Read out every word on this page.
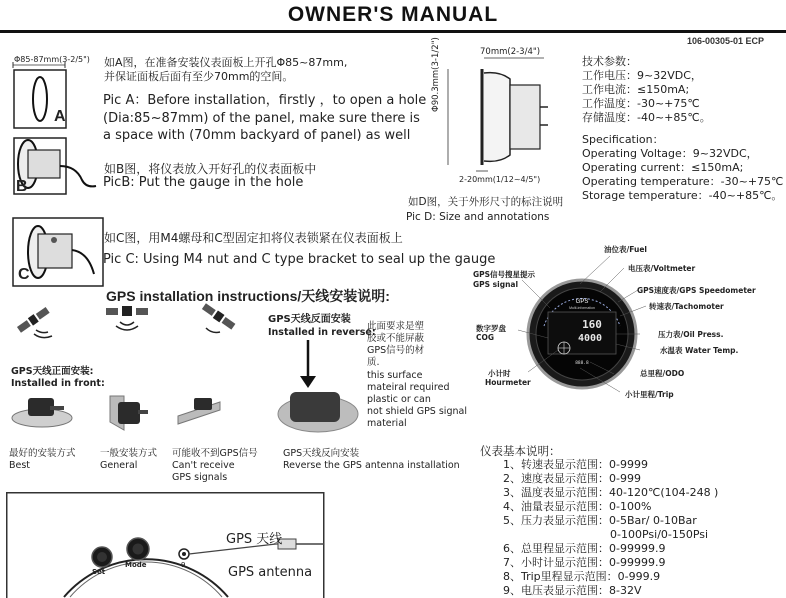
OWNER'S MANUAL
106-00305-01 ECP
Φ85-87mm(3-2/5")
A
如A图，在准备安装仪表面板上开孔Φ85~87mm,
并保证面板后面有至少70mm的空间。
Pic A：Before installation，firstly ，to open a hole
(Dia:85~87mm) of the panel, make sure there is
a space with (70mm backyard of panel) as well
B
如B图，将仪表放入开好孔的仪表面板中
PicB: Put the gauge in the hole
C
如C图，用M4螺母和C型固定扣将仪表锁紧在仪表面板上
Pic C: Using M4 nut and C type bracket to seal up the gauge
70mm(2-3/4")
Φ90.3mm(3-1/2")
2-20mm(1/12~4/5")
如D图，关于外形尺寸的标注说明
Pic D: Size and annotations
技术参数：
工作电压：9~32VDC，
工作电流：≤150mA;
工作温度：-30~+75℃
存储温度：-40~+85℃。
Specification：
Operating Voltage：9~32VDC，
Operating current：≤150mA;
Operating temperature：-30~+75℃
Storage temperature：-40~+85℃。
GPS installation instructions/天线安装说明:
GPS天线正面安装:
Installed in front:
GPS天线反面安装
Installed in reverse:
此面要求是塑
胶或不能屏蔽
GPS信号的材
质.
this surface
mateiral required
plastic or can
not shield GPS signal
material
最好的安装方式
Best
一般安装方式
General
可能收不到GPS信号
Can't receive
GPS signals
GPS天线反向安装
Reverse the GPS antenna installation
GPS
Multi-information
160
4000
888.8
油位表/Fuel
电压表/Voltmeter
GPS信号搜星提示
GPS signal
GPS速度表/GPS Speedometer
转速表/Tachomoter
数字罗盘
COG	压力表/Oil Press.
水温表 Water Temp.
小计时
Hourmeter
总里程/ODO
小计里程/Trip
仪表基本说明：
1、转速表显示范围：0-9999
2、速度表显示范围：0-999
3、温度表显示范围：40-120℃(104-248 )
4、油量表显示范围：0-100%
5、压力表显示范围：0-5Bar/ 0-10Bar
0-100Psi/0-150Psi
6、总里程显示范围：0-99999.9
7、小时计显示范围：0-99999.9
8、Trip里程显示范围：0-999.9
9、电压表显示范围：8-32V
Set
Mode	9
GPS 天线
GPS antenna
